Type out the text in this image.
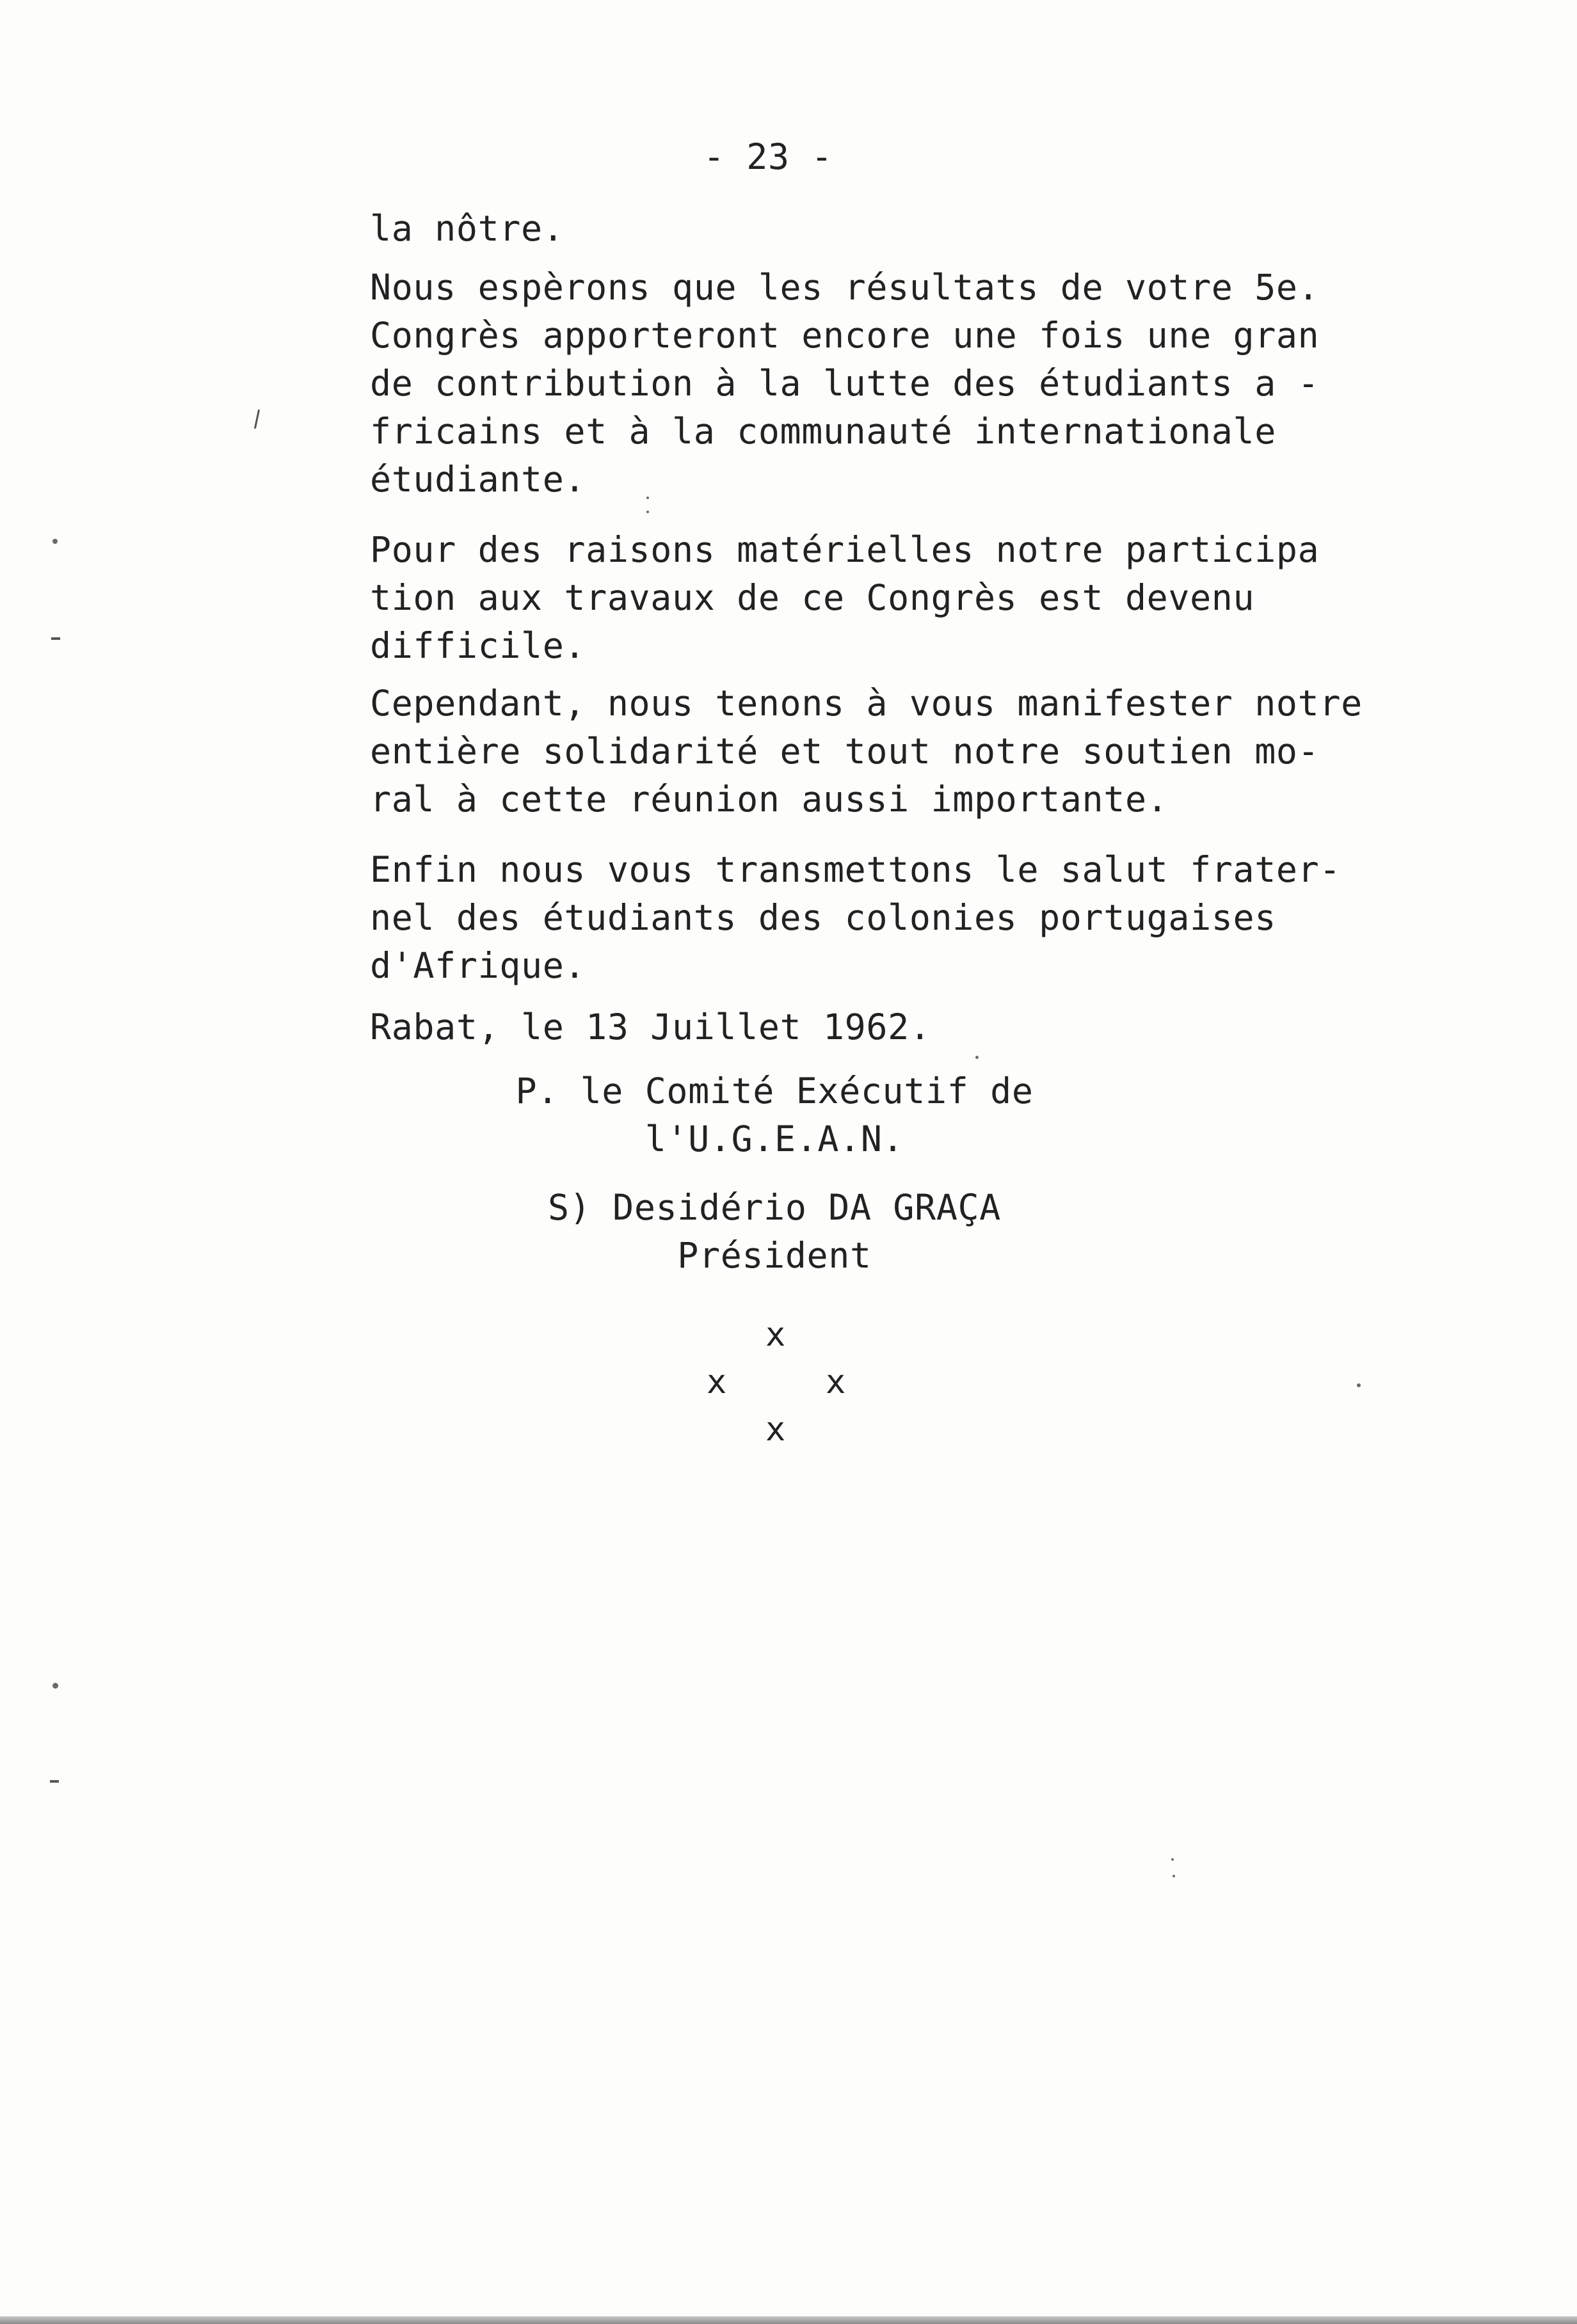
- 23 -
la nôtre.
Nous espèrons que les résultats de votre 5e.
Congrès apporteront encore une fois une gran
de contribution à la lutte des étudiants a -
fricains et à la communauté internationale
étudiante.
Pour des raisons matérielles notre participa
tion aux travaux de ce Congrès est devenu
difficile.
Cependant, nous tenons à vous manifester notre
entière solidarité et tout notre soutien mo-
ral à cette réunion aussi importante.
Enfin nous vous transmettons le salut frater-
nel des étudiants des colonies portugaises
d'Afrique.
Rabat, le 13 Juillet 1962.
P. le Comité Exécutif de
l'U.G.E.A.N.
S) Desidério DA GRAÇA
Président
x
x	x
x
